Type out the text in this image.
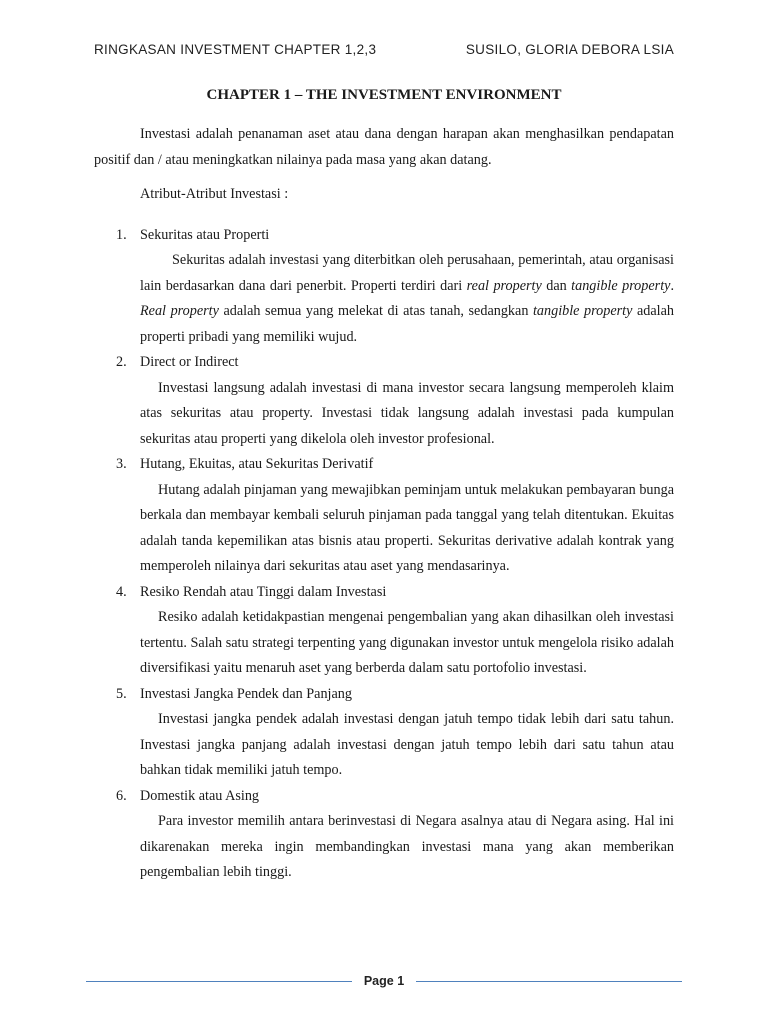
RINGKASAN INVESTMENT CHAPTER 1,2,3	SUSILO, GLORIA DEBORA LSIA
CHAPTER 1 – THE INVESTMENT ENVIRONMENT

Investasi adalah penanaman aset atau dana dengan harapan akan menghasilkan pendapatan positif dan / atau meningkatkan nilainya pada masa yang akan datang.

Atribut-Atribut Investasi :

1. Sekuritas atau Properti
Sekuritas adalah investasi yang diterbitkan oleh perusahaan, pemerintah, atau organisasi lain berdasarkan dana dari penerbit. Properti terdiri dari real property dan tangible property. Real property adalah semua yang melekat di atas tanah, sedangkan tangible property adalah properti pribadi yang memiliki wujud.
2. Direct or Indirect
Investasi langsung adalah investasi di mana investor secara langsung memperoleh klaim atas sekuritas atau property. Investasi tidak langsung adalah investasi pada kumpulan sekuritas atau properti yang dikelola oleh investor profesional.
3. Hutang, Ekuitas, atau Sekuritas Derivatif
Hutang adalah pinjaman yang mewajibkan peminjam untuk melakukan pembayaran bunga berkala dan membayar kembali seluruh pinjaman pada tanggal yang telah ditentukan. Ekuitas adalah tanda kepemilikan atas bisnis atau properti. Sekuritas derivative adalah kontrak yang memperoleh nilainya dari sekuritas atau aset yang mendasarinya.
4. Resiko Rendah atau Tinggi dalam Investasi
Resiko adalah ketidakpastian mengenai pengembalian yang akan dihasilkan oleh investasi tertentu. Salah satu strategi terpenting yang digunakan investor untuk mengelola risiko adalah diversifikasi yaitu menaruh aset yang berberda dalam satu portofolio investasi.
5. Investasi Jangka Pendek dan Panjang
Investasi jangka pendek adalah investasi dengan jatuh tempo tidak lebih dari satu tahun. Investasi jangka panjang adalah investasi dengan jatuh tempo lebih dari satu tahun atau bahkan tidak memiliki jatuh tempo.
6. Domestik atau Asing
Para investor memilih antara berinvestasi di Negara asalnya atau di Negara asing. Hal ini dikarenakan mereka ingin membandingkan investasi mana yang akan memberikan pengembalian lebih tinggi.
Page 1
